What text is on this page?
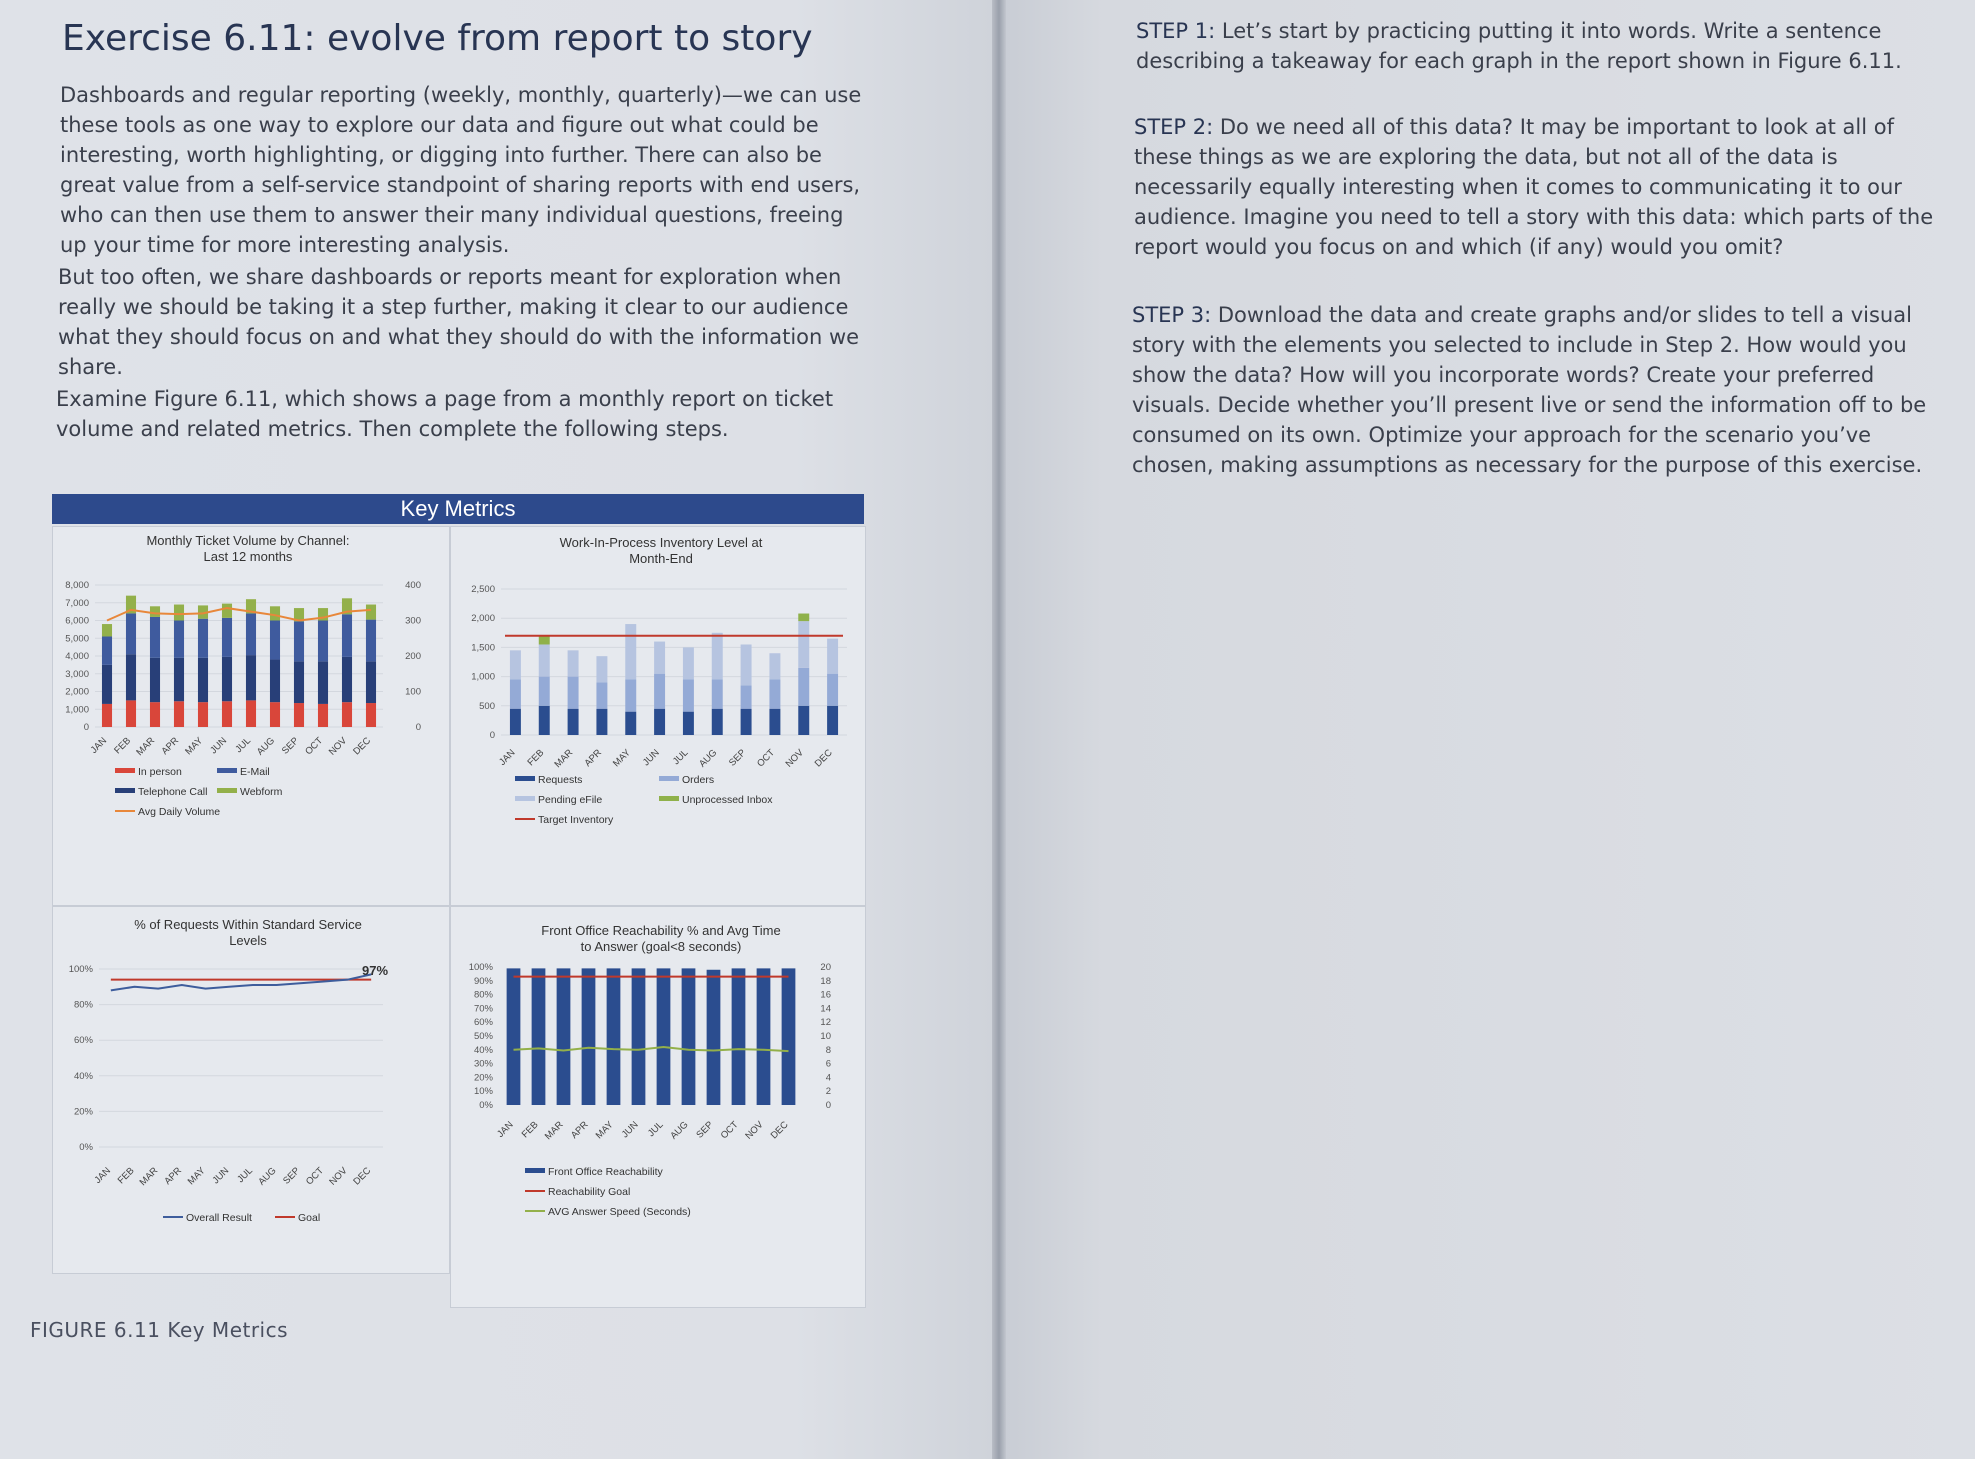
Exercise 6.11: evolve from report to story

Dashboards and regular reporting (weekly, monthly, quarterly)—we can use these tools as one way to explore our data and figure out what could be interesting, worth highlighting, or digging into further. There can also be great value from a self-service standpoint of sharing reports with end users, who can then use them to answer their many individual questions, freeing up your time for more interesting analysis.

But too often, we share dashboards or reports meant for exploration when really we should be taking it a step further, making it clear to our audience what they should focus on and what they should do with the information we share.

Examine Figure 6.11, which shows a page from a monthly report on ticket volume and related metrics. Then complete the following steps.

Key Metrics
Monthly Ticket Volume by Channel:
Last 12 months
0
1,000
2,000
3,000
4,000
5,000
6,000
7,000
8,000
0
100
200
300
400
JAN FEB MAR APR MAY JUN JUL AUG SEP OCT NOV DEC
In person	E-Mail
Telephone Call	Webform
Avg Daily Volume
Work-In-Process Inventory Level at
Month-End
0
500
1,000
1,500
2,000
2,500
JAN FEB MAR APR MAY JUN JUL AUG SEP OCT NOV DEC
Requests	Orders
Pending eFile	Unprocessed Inbox
Target Inventory
% of Requests Within Standard Service
Levels
0%
20%
40%
60%
80%
100%	97%
JAN FEB MAR APR MAY JUN JUL AUG SEP OCT NOV DEC
Overall Result	Goal
Front Office Reachability % and Avg Time
to Answer (goal<8 seconds)
0%
10%
20%
30%
40%
50%
60%
70%
80%
90%
100%
0
2
4
6
8
10
12
14
16
18
20
JAN FEB MAR APR MAY JUN JUL AUG SEP OCT NOV DEC
Front Office Reachability
Reachability Goal
AVG Answer Speed (Seconds)

FIGURE 6.11 Key Metrics

STEP 1: Let’s start by practicing putting it into words. Write a sentence describing a takeaway for each graph in the report shown in Figure 6.11.

STEP 2: Do we need all of this data? It may be important to look at all of these things as we are exploring the data, but not all of the data is necessarily equally interesting when it comes to communicating it to our audience. Imagine you need to tell a story with this data: which parts of the report would you focus on and which (if any) would you omit?

STEP 3: Download the data and create graphs and/or slides to tell a visual story with the elements you selected to include in Step 2. How would you show the data? How will you incorporate words? Create your preferred visuals. Decide whether you’ll present live or send the information off to be consumed on its own. Optimize your approach for the scenario you’ve chosen, making assumptions as necessary for the purpose of this exercise.
